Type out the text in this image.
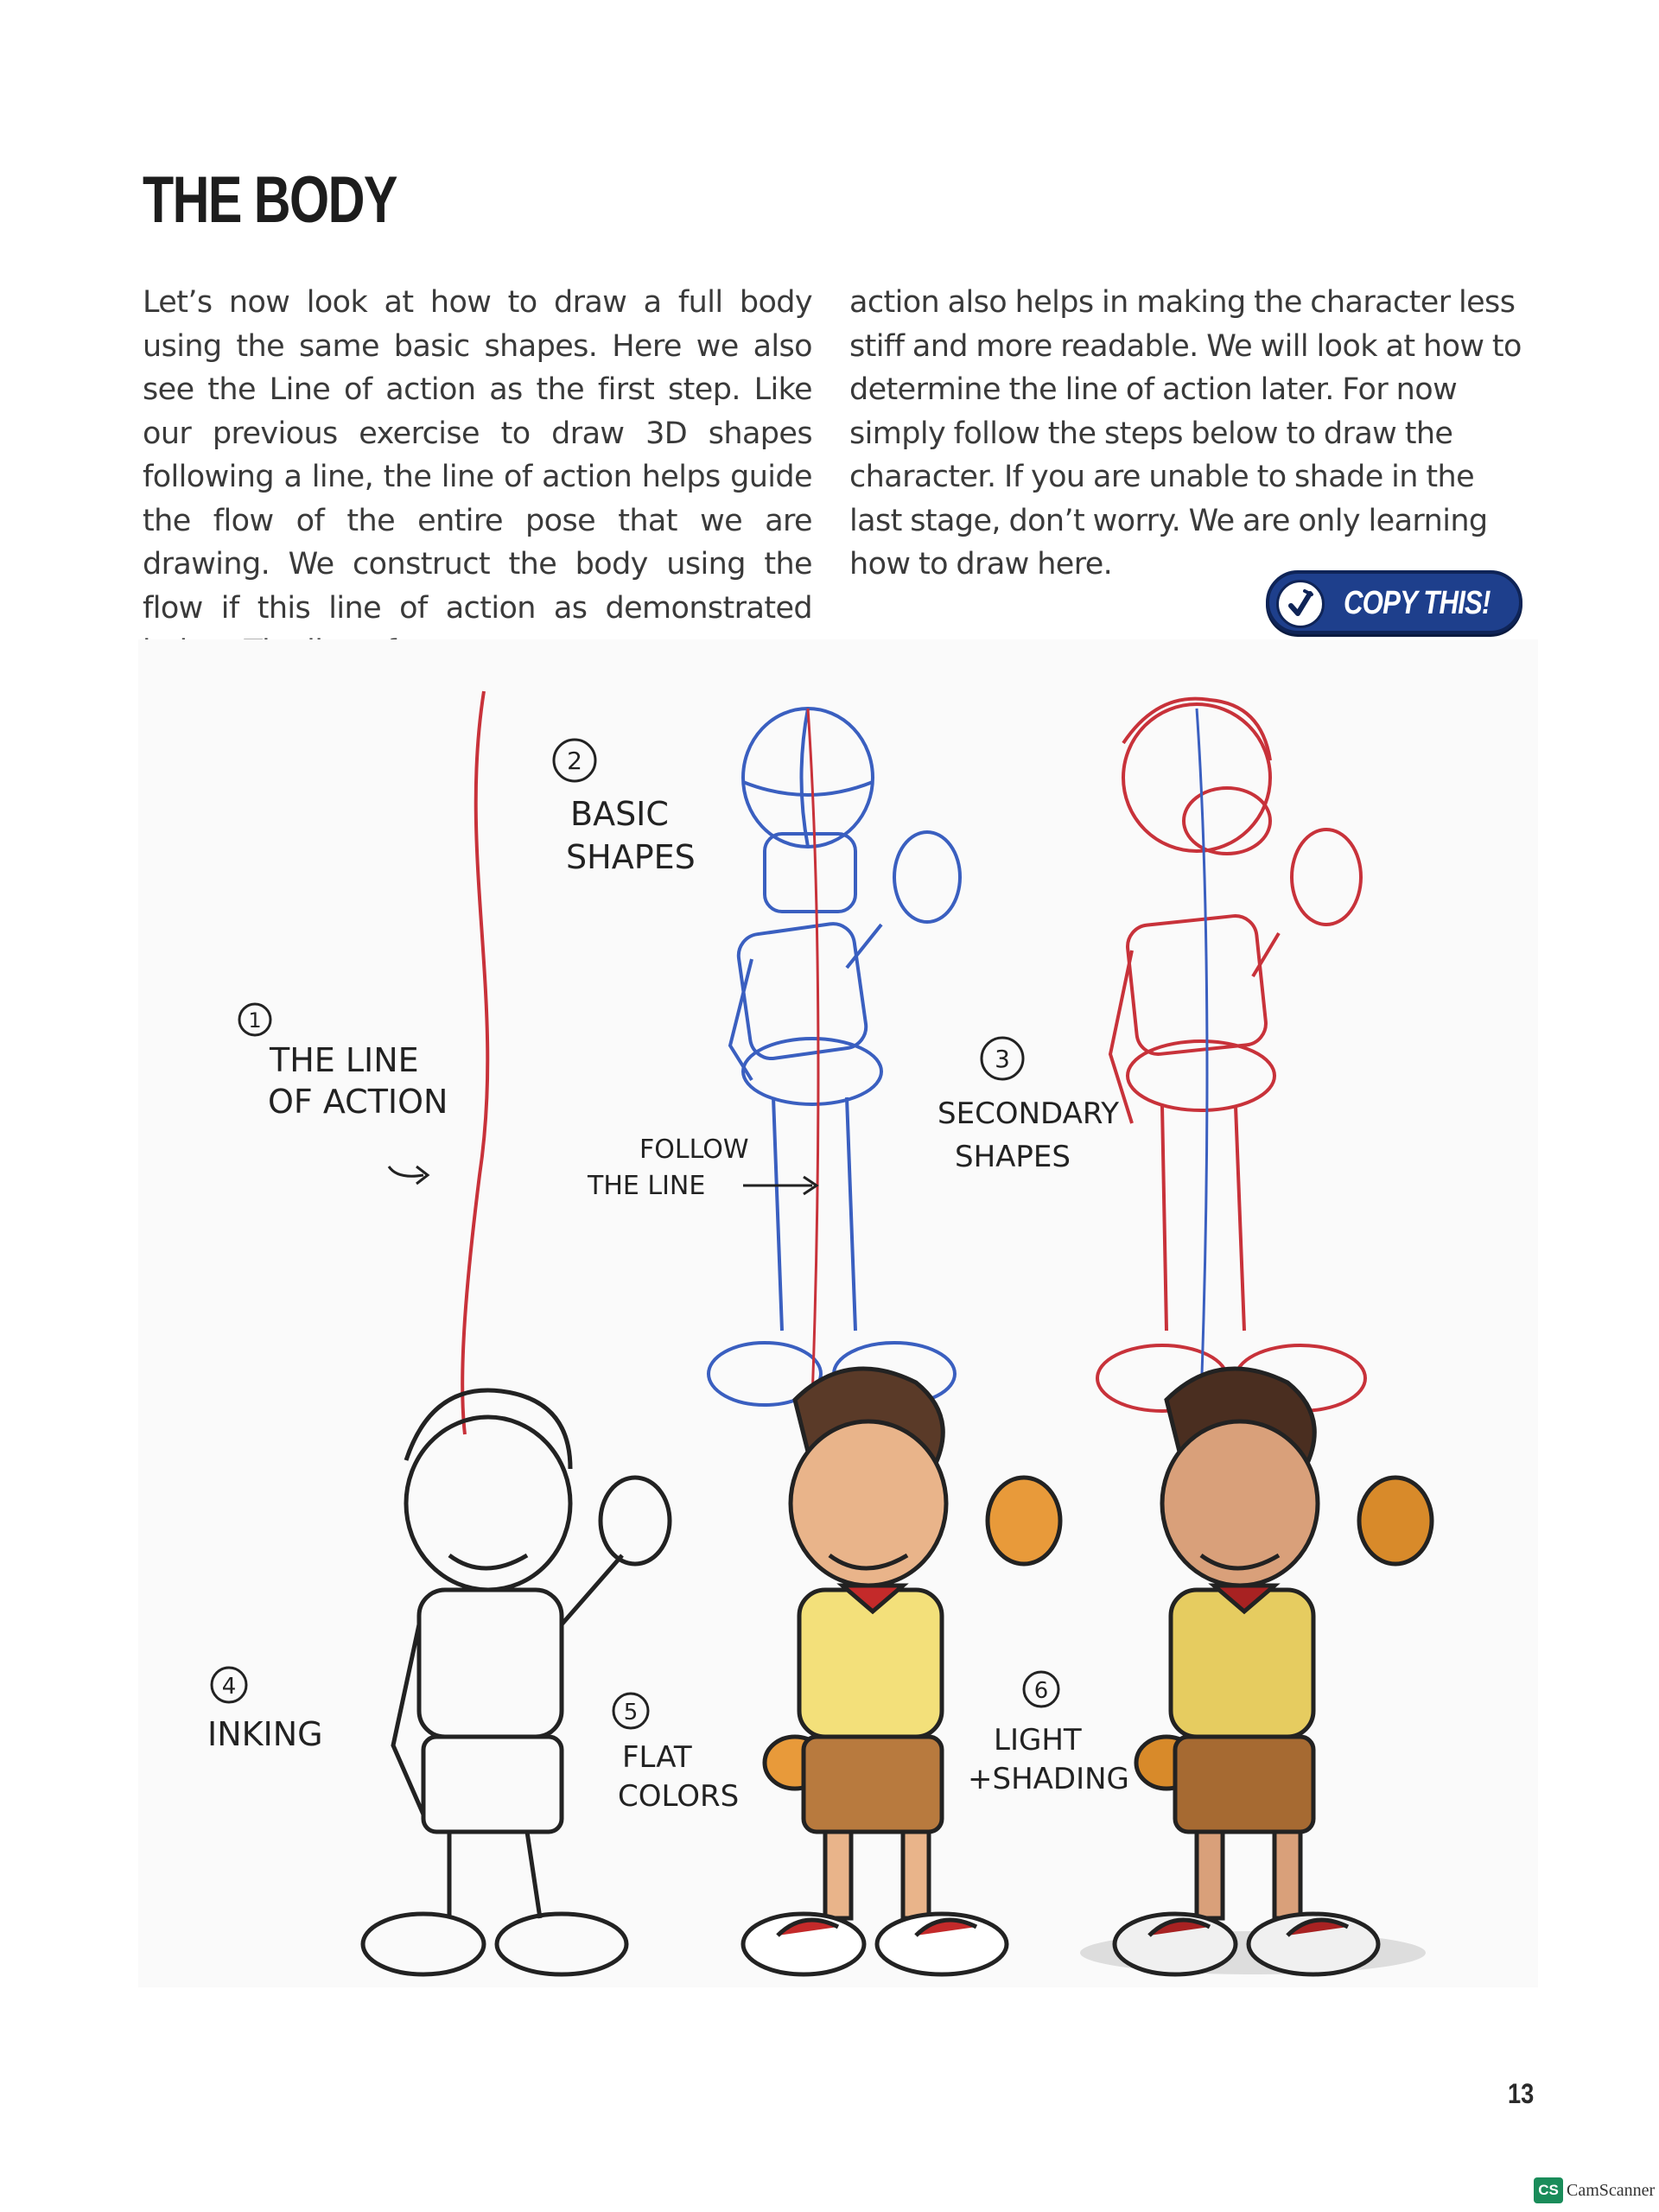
THE BODY

Let’s now look at how to draw a full body using the same basic shapes. Here we also see the Line of action as the first step. Like our previous exercise to draw 3D shapes following a line, the line of action helps guide the flow of the entire pose that we are drawing. We construct the body using the flow if this line of action as demonstrated

action also helps in making the character less stiff and more readable. We will look at how to determine the line of action later. For now simply follow the steps below to draw the character. If you are unable to shade in the last stage, don’t worry. We are only learning how to draw here.

COPY THIS!
1
THE LINE
OF ACTION
2
BASIC
SHAPES
FOLLOW
THE LINE
3
SECONDARY
SHAPES
4
INKING
5
FLAT
COLORS
6
LIGHT
+SHADING
13
CS CamScanner
